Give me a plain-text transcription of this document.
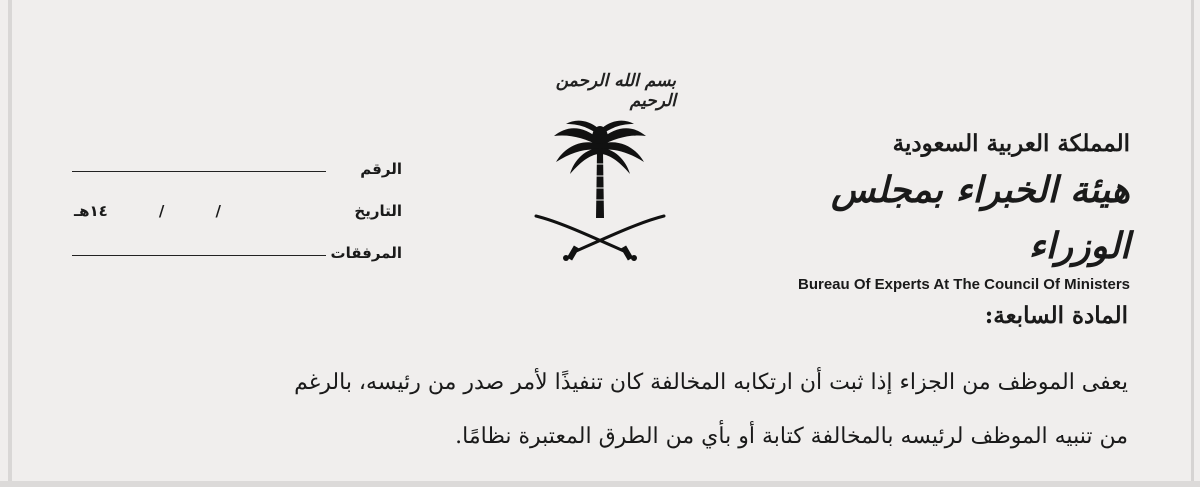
بسم الله الرحمن الرحيم
المملكة العربية السعودية
هيئة الخبراء بمجلس الوزراء
Bureau Of Experts At The Council Of Ministers
الرقم
التاريخ
/
/
١٤هـ
المرفقات
المادة السابعة:
يعفى الموظف من الجزاء إذا ثبت أن ارتكابه المخالفة كان تنفيذًا لأمر صدر من رئيسه، بالرغم
من تنبيه الموظف لرئيسه بالمخالفة كتابة أو بأي من الطرق المعتبرة نظامًا.
